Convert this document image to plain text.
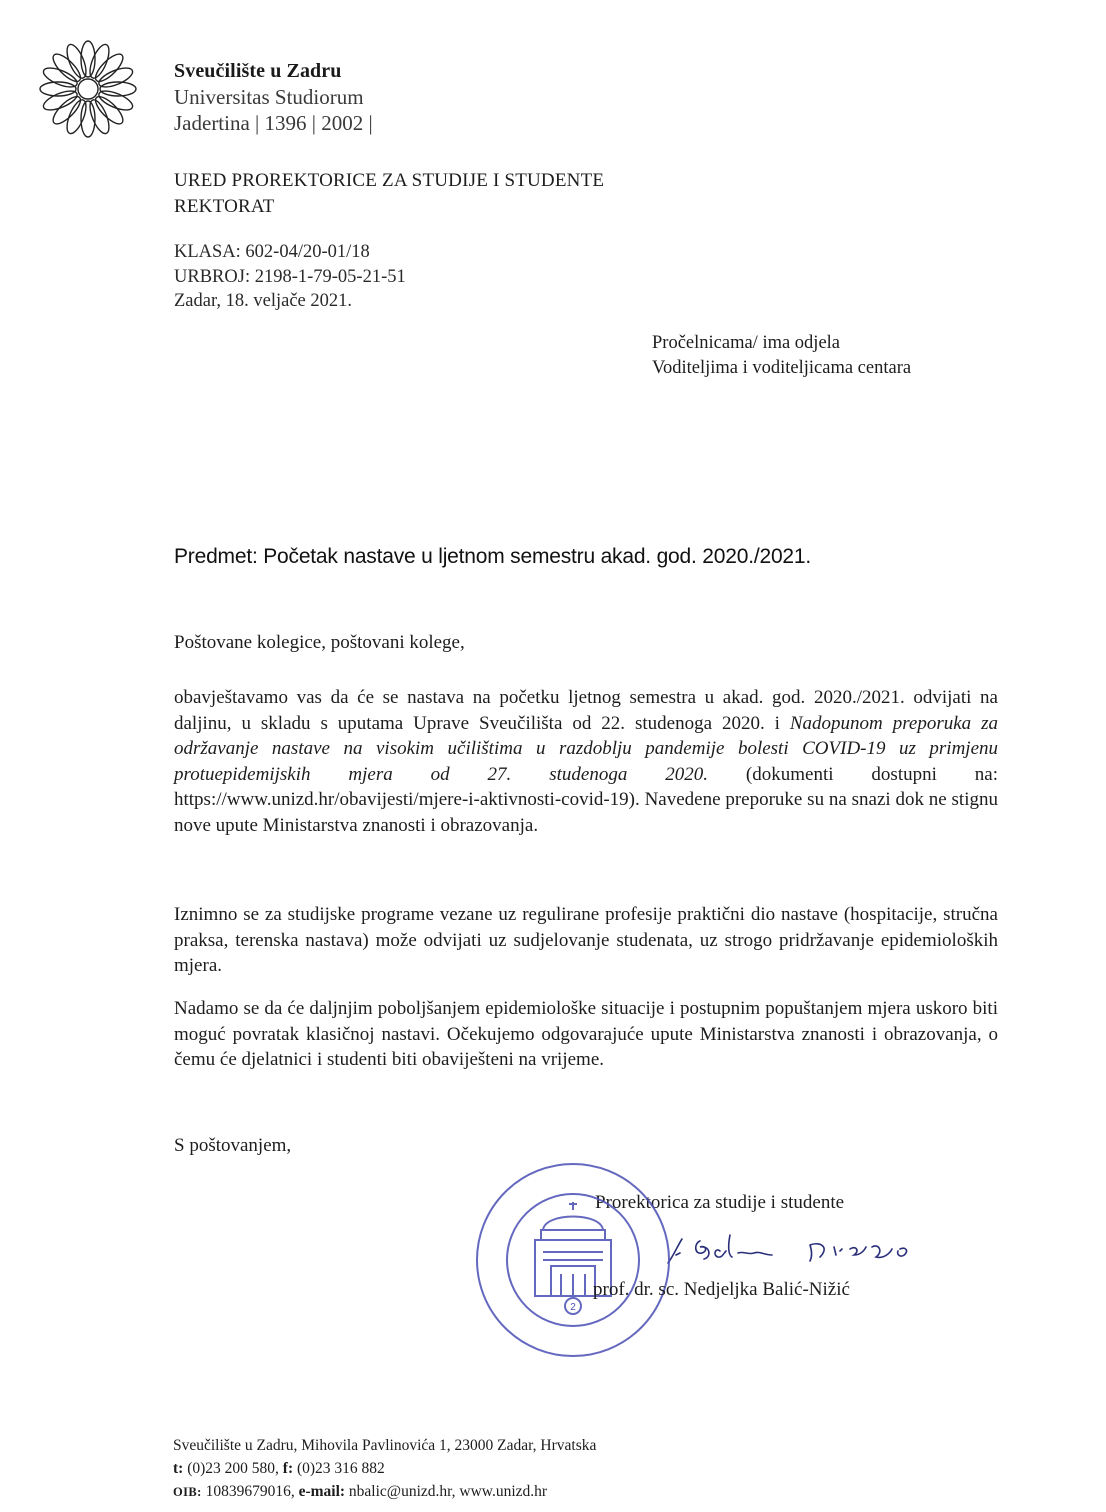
Sveučilište u Zadru
Universitas Studiorum
Jadertina | 1396 | 2002 |
URED PROREKTORICE ZA STUDIJE I STUDENTE
REKTORAT
KLASA: 602-04/20-01/18
URBROJ: 2198-1-79-05-21-51
Zadar, 18. veljače 2021.
Pročelnicama/ ima odjela
Voditeljima i voditeljicama centara
Predmet: Početak nastave u ljetnom semestru akad. god. 2020./2021.
Poštovane kolegice, poštovani kolege,
obavještavamo vas da će se nastava na početku ljetnog semestra u akad. god. 2020./2021. odvijati na daljinu, u skladu s uputama Uprave Sveučilišta od 22. studenoga 2020. i Nadopunom preporuka za održavanje nastave na visokim učilištima u razdoblju pandemije bolesti COVID-19 uz primjenu protuepidemijskih mjera od 27. studenoga 2020. (dokumenti dostupni na: https://www.unizd.hr/obavijesti/mjere-i-aktivnosti-covid-19). Navedene preporuke su na snazi dok ne stignu nove upute Ministarstva znanosti i obrazovanja.
Iznimno se za studijske programe vezane uz regulirane profesije praktični dio nastave (hospitacije, stručna praksa, terenska nastava) može odvijati uz sudjelovanje studenata, uz strogo pridržavanje epidemioloških mjera.
Nadamo se da će daljnjim poboljšanjem epidemiološke situacije i postupnim popuštanjem mjera uskoro biti moguć povratak klasičnoj nastavi. Očekujemo odgovarajuće upute Ministarstva znanosti i obrazovanja, o čemu će djelatnici i studenti biti obaviješteni na vrijeme.
S poštovanjem,
Prorektorica za studije i studente
2
prof. dr. sc. Nedjeljka Balić-Nižić
Sveučilište u Zadru, Mihovila Pavlinovića 1, 23000 Zadar, Hrvatska
t: (0)23 200 580, f: (0)23 316 882
OIB: 10839679016, e-mail: nbalic@unizd.hr, www.unizd.hr
